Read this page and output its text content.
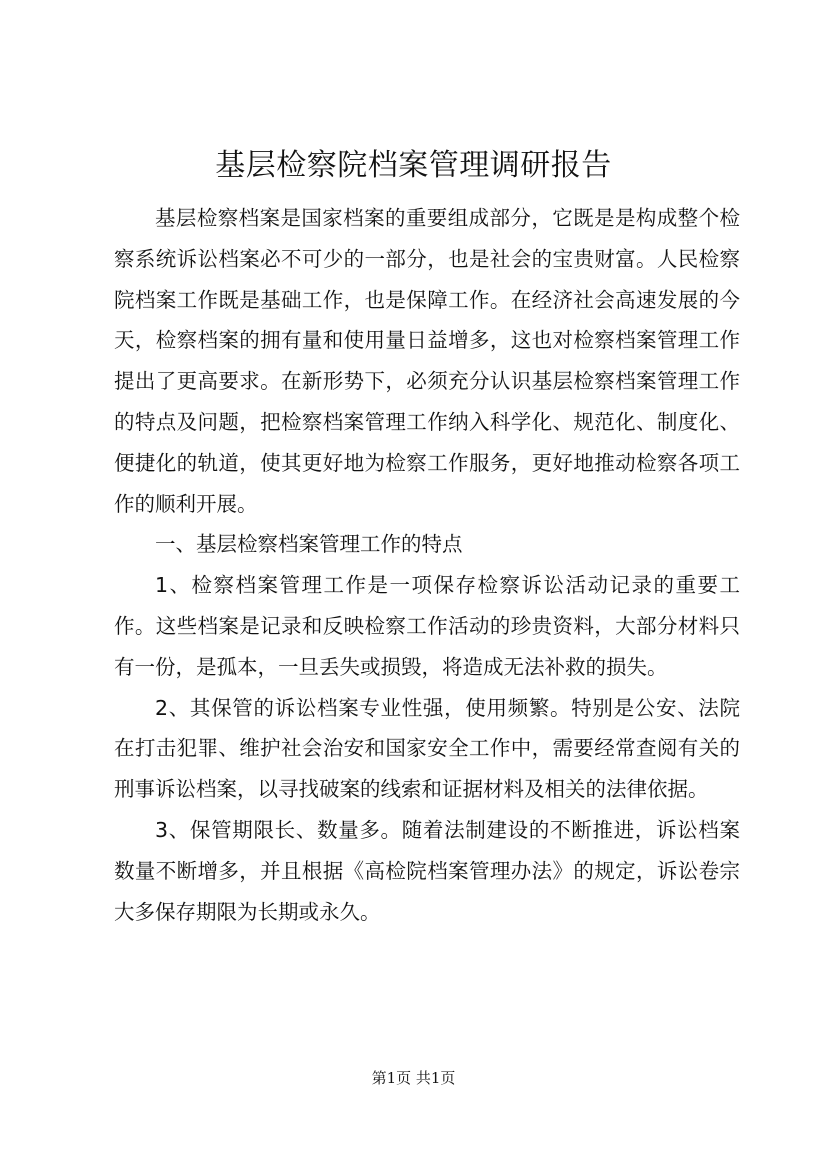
基层检察院档案管理调研报告

基层检察档案是国家档案的重要组成部分，它既是是构成整个检察系统诉讼档案必不可少的一部分，也是社会的宝贵财富。人民检察院档案工作既是基础工作，也是保障工作。在经济社会高速发展的今天，检察档案的拥有量和使用量日益增多，这也对检察档案管理工作提出了更高要求。在新形势下，必须充分认识基层检察档案管理工作的特点及问题，把检察档案管理工作纳入科学化、规范化、制度化、便捷化的轨道，使其更好地为检察工作服务，更好地推动检察各项工作的顺利开展。

一、基层检察档案管理工作的特点

1、检察档案管理工作是一项保存检察诉讼活动记录的重要工作。这些档案是记录和反映检察工作活动的珍贵资料，大部分材料只有一份，是孤本，一旦丢失或损毁，将造成无法补救的损失。

2、其保管的诉讼档案专业性强，使用频繁。特别是公安、法院在打击犯罪、维护社会治安和国家安全工作中，需要经常查阅有关的刑事诉讼档案，以寻找破案的线索和证据材料及相关的法律依据。

3、保管期限长、数量多。随着法制建设的不断推进，诉讼档案数量不断增多，并且根据《高检院档案管理办法》的规定，诉讼卷宗大多保存期限为长期或永久。

第1页 共1页
